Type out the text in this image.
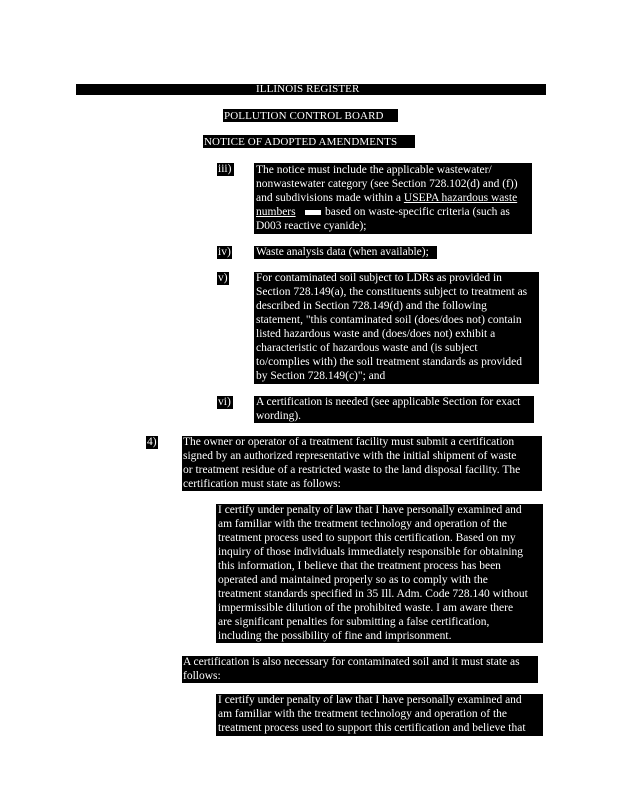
ILLINOIS REGISTER
POLLUTION CONTROL BOARD
NOTICE OF ADOPTED AMENDMENTS
iii) The notice must include the applicable wastewater/
nonwastewater category (see Section 728.102(d) and (f))
and subdivisions made within a USEPA hazardous waste
numbers	based on waste-specific criteria (such as
D003 reactive cyanide);
iv) Waste analysis data (when available);
v) For contaminated soil subject to LDRs as provided in
Section 728.149(a), the constituents subject to treatment as
described in Section 728.149(d) and the following
statement, "this contaminated soil (does/does not) contain
listed hazardous waste and (does/does not) exhibit a
characteristic of hazardous waste and (is subject
to/complies with) the soil treatment standards as provided
by Section 728.149(c)"; and
vi) A certification is needed (see applicable Section for exact
wording).
4) The owner or operator of a treatment facility must submit a certification
signed by an authorized representative with the initial shipment of waste
or treatment residue of a restricted waste to the land disposal facility. The
certification must state as follows:
I certify under penalty of law that I have personally examined and
am familiar with the treatment technology and operation of the
treatment process used to support this certification. Based on my
inquiry of those individuals immediately responsible for obtaining
this information, I believe that the treatment process has been
operated and maintained properly so as to comply with the
treatment standards specified in 35 Ill. Adm. Code 728.140 without
impermissible dilution of the prohibited waste. I am aware there
are significant penalties for submitting a false certification,
including the possibility of fine and imprisonment.
A certification is also necessary for contaminated soil and it must state as
follows:
I certify under penalty of law that I have personally examined and
am familiar with the treatment technology and operation of the
treatment process used to support this certification and believe that
